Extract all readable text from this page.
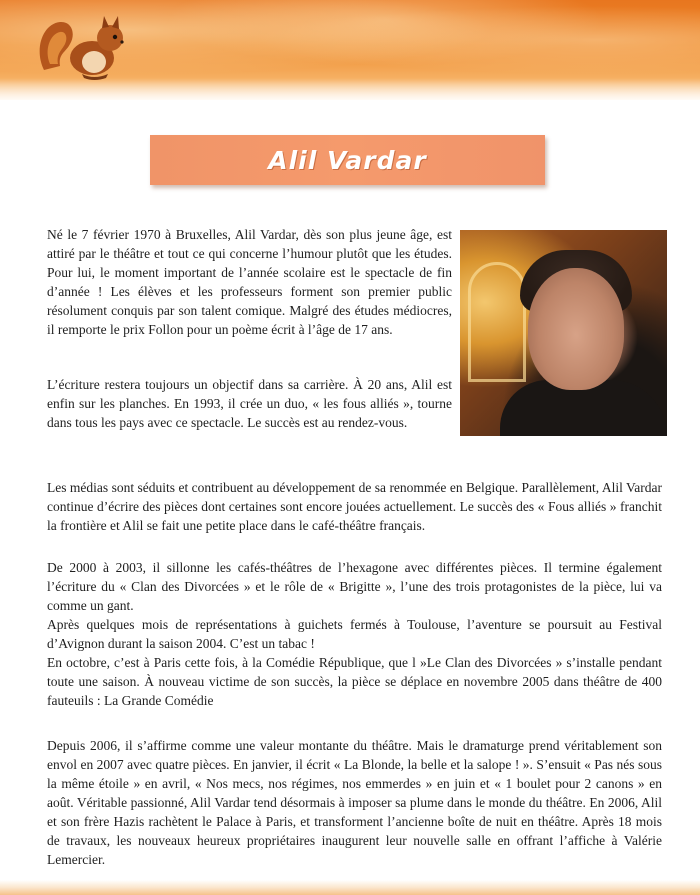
Alil Vardar

Né le 7 février 1970 à Bruxelles, Alil Vardar, dès son plus jeune âge, est attiré par le théâtre et tout ce qui concerne l’humour plutôt que les études. Pour lui, le moment important de l’année scolaire est le spectacle de fin d’année ! Les élèves et les professeurs forment son premier public résolument conquis par son talent comique. Malgré des études médiocres, il remporte le prix Follon pour un poème écrit à l’âge de 17 ans.

L’écriture restera toujours un objectif dans sa carrière. À 20 ans, Alil est enfin sur les planches. En 1993, il crée un duo, « les fous alliés », tourne dans tous les pays avec ce spectacle. Le succès est au rendez-vous.

Les médias sont séduits et contribuent au développement de sa renommée en Belgique. Parallèlement, Alil Vardar continue d’écrire des pièces dont certaines sont encore jouées actuellement. Le succès des « Fous alliés » franchit la frontière et Alil se fait une petite place dans le café-théâtre français.

De 2000 à 2003, il sillonne les cafés-théâtres de l’hexagone avec différentes pièces. Il termine également l’écriture du « Clan des Divorcées » et le rôle de « Brigitte », l’une des trois protagonistes de la pièce, lui va comme un gant.
Après quelques mois de représentations à guichets fermés à Toulouse, l’aventure se poursuit au Festival d’Avignon durant la saison 2004. C’est un tabac !
En octobre, c’est à Paris cette fois, à la Comédie République, que l »Le Clan des Divorcées » s’installe pendant toute une saison. À nouveau victime de son succès, la pièce se déplace en novembre 2005 dans théâtre de 400 fauteuils : La Grande Comédie

Depuis 2006, il s’affirme comme une valeur montante du théâtre. Mais le dramaturge prend véritablement son envol en 2007 avec quatre pièces. En janvier, il écrit « La Blonde, la belle et la salope ! ». S’ensuit « Pas nés sous la même étoile » en avril, « Nos mecs, nos régimes, nos emmerdes » en juin et « 1 boulet pour 2 canons » en août. Véritable passionné, Alil Vardar tend désormais à imposer sa plume dans le monde du théâtre. En 2006, Alil et son frère Hazis rachètent le Palace à Paris, et transforment l’ancienne boîte de nuit en théâtre. Après 18 mois de travaux, les nouveaux heureux propriétaires inaugurent leur nouvelle salle en offrant l’affiche à Valérie Lemercier.
